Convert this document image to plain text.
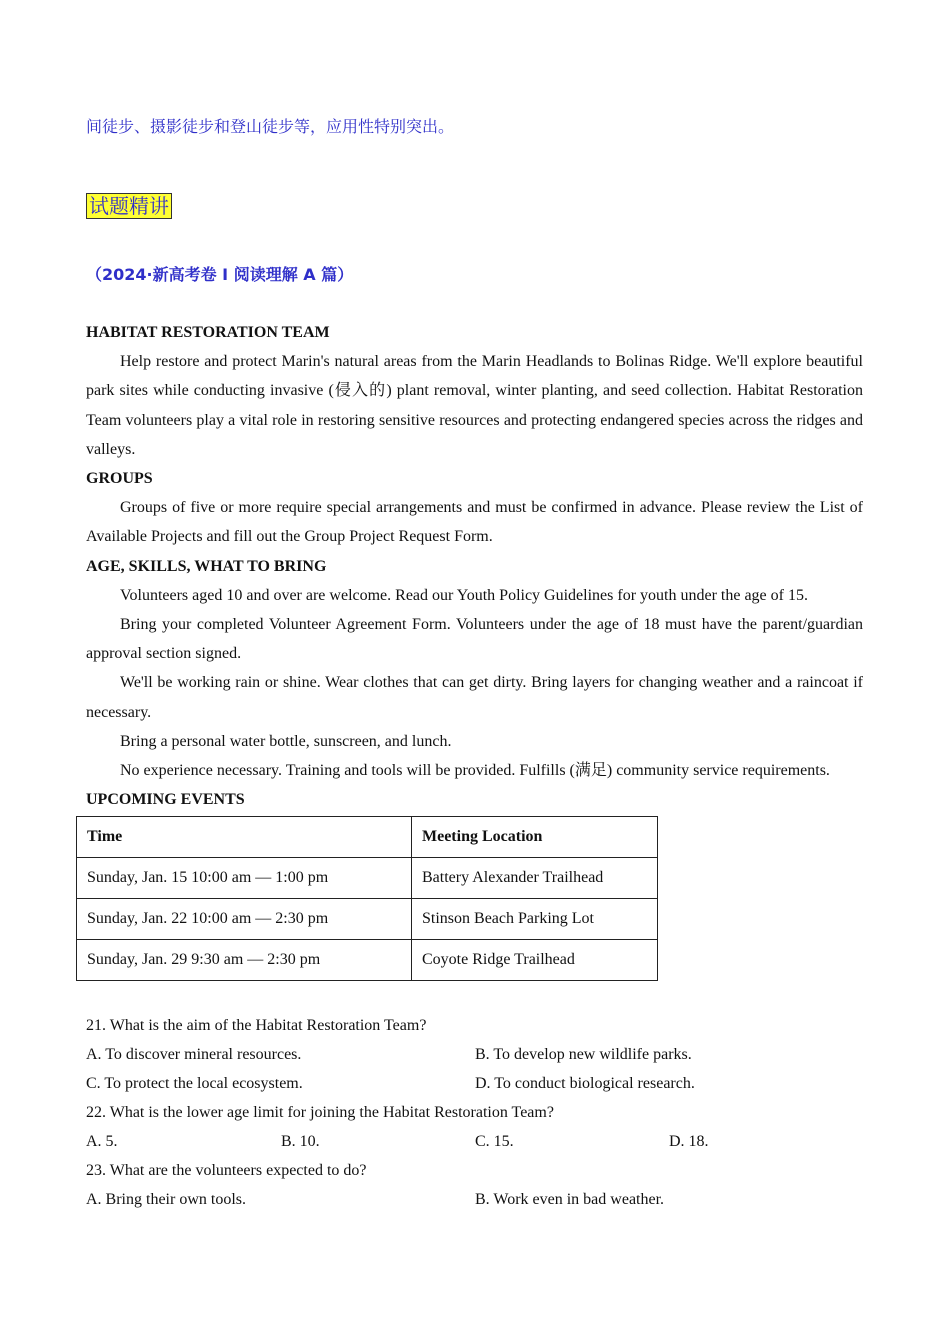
间徒步、摄影徒步和登山徒步等，应用性特别突出。
试题精讲
（2024·新高考卷 I 阅读理解 A 篇）

HABITAT RESTORATION TEAM

Help restore and protect Marin's natural areas from the Marin Headlands to Bolinas Ridge. We'll explore beautiful park sites while conducting invasive (侵入的) plant removal, winter planting, and seed collection. Habitat Restoration Team volunteers play a vital role in restoring sensitive resources and protecting endangered species across the ridges and valleys.

GROUPS

Groups of five or more require special arrangements and must be confirmed in advance. Please review the List of Available Projects and fill out the Group Project Request Form.

AGE, SKILLS, WHAT TO BRING

Volunteers aged 10 and over are welcome. Read our Youth Policy Guidelines for youth under the age of 15.

Bring your completed Volunteer Agreement Form. Volunteers under the age of 18 must have the parent/guardian approval section signed.

We'll be working rain or shine. Wear clothes that can get dirty. Bring layers for changing weather and a raincoat if necessary.

Bring a personal water bottle, sunscreen, and lunch.

No experience necessary. Training and tools will be provided. Fulfills (满足) community service requirements.

UPCOMING EVENTS

Time	Meeting Location
Sunday, Jan. 15 10:00 am — 1:00 pm	Battery Alexander Trailhead
Sunday, Jan. 22 10:00 am — 2:30 pm	Stinson Beach Parking Lot
Sunday, Jan. 29 9:30 am — 2:30 pm	Coyote Ridge Trailhead
21. What is the aim of the Habitat Restoration Team?
A. To discover mineral resources.	B. To develop new wildlife parks.
C. To protect the local ecosystem.	D. To conduct biological research.
22. What is the lower age limit for joining the Habitat Restoration Team?
A. 5.	B. 10.	C. 15.	D. 18.
23. What are the volunteers expected to do?
A. Bring their own tools.	B. Work even in bad weather.
